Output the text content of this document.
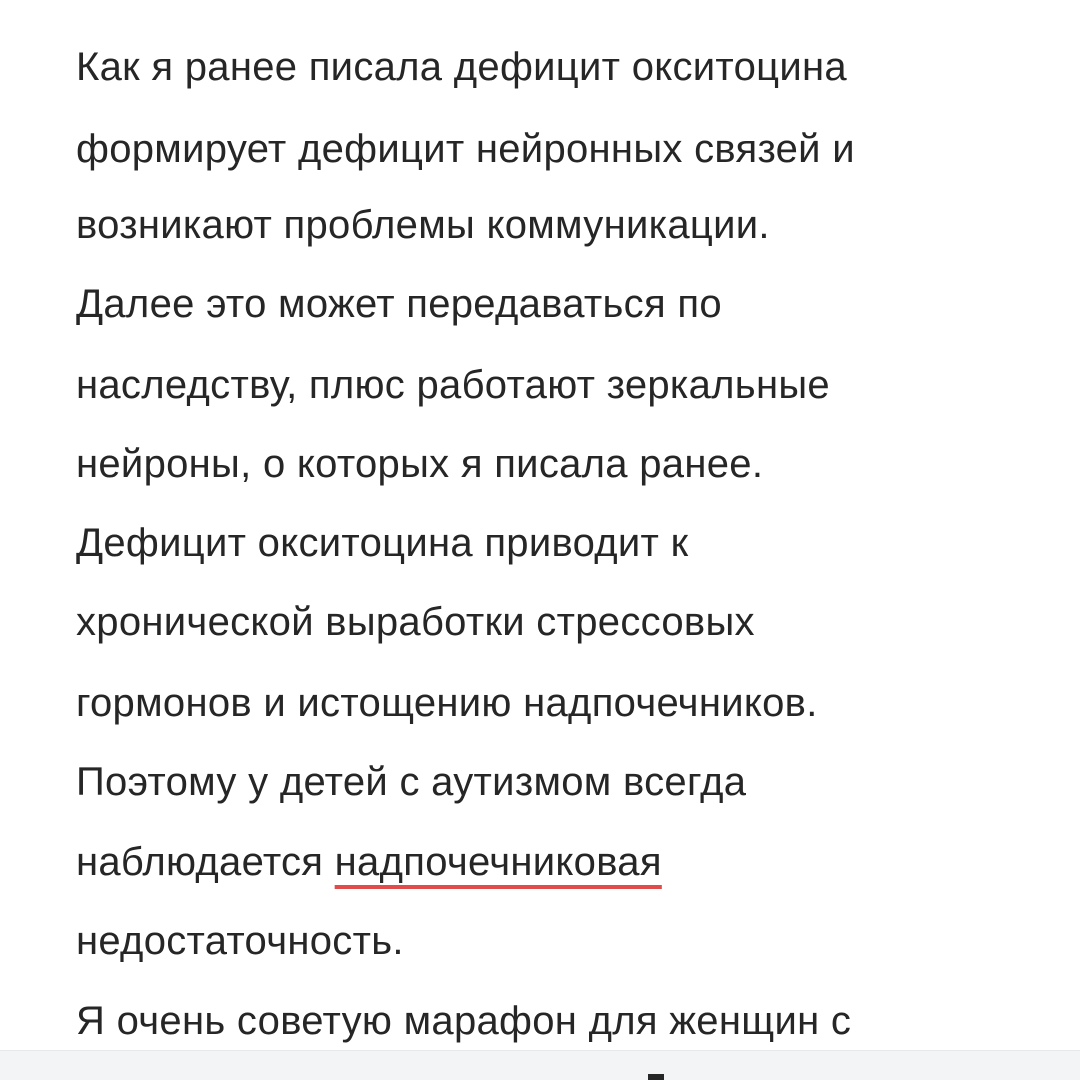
Как я ранее писала дефицит окситоцина
формирует дефицит нейронных связей и
возникают проблемы коммуникации.
Далее это может передаваться по
наследству, плюс работают зеркальные
нейроны, о которых я писала ранее.
Дефицит окситоцина приводит к
хронической выработки стрессовых
гормонов и истощению надпочечников.
Поэтому у детей с аутизмом всегда
наблюдается надпочечниковая
недостаточность.
Я очень советую марафон для женщин с
